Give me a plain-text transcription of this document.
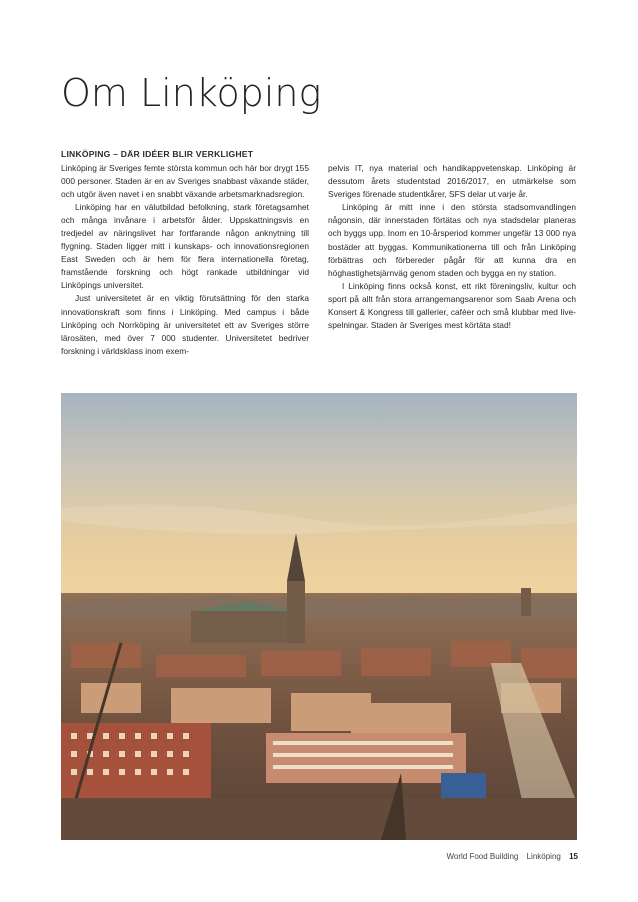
Om Linköping
LINKÖPING – DÄR IDÉER BLIR VERKLIGHET

Linköping är Sveriges femte största kommun och här bor drygt 155 000 personer. Staden är en av Sveriges snabbast växande städer, och utgör även navet i en snabbt växande arbetsmarknadsregion.

Linköping har en välutbildad befolkning, stark företagsamhet och många invånare i arbetsför ålder. Uppskattningsvis en tredjedel av näringslivet har fortfarande någon anknytning till flygning. Staden ligger mitt i kunskaps- och innovationsregionen East Sweden och är hem för flera internationella företag, framstående forskning och högt rankade utbildningar vid Linköpings universitet.

Just universitetet är en viktig förutsättning för den starka innovationskraft som finns i Linköping. Med campus i både Linköping och Norrköping är universitetet ett av Sveriges större lärosäten, med över 7 000 studenter. Universitetet bedriver forskning i världsklass inom exem-

pelvis IT, nya material och handikappvetenskap. Linköping är dessutom årets studentstad 2016/2017, en utmärkelse som Sveriges förenade studentkårer, SFS delar ut varje år.

Linköping är mitt inne i den största stadsomvandlingen någonsin, där innerstaden förtätas och nya stadsdelar planeras och byggs upp. Inom en 10-årsperiod kommer ungefär 13 000 nya bostäder att byggas. Kommunikationerna till och från Linköping förbättras och förbereder pågår för att kunna dra en höghastighetsjärnväg genom staden och bygga en ny station.

I Linköping finns också konst, ett rikt föreningsliv, kultur och sport på allt från stora arrangemangsarenor som Saab Arena och Konsert & Kongress till gallerier, caféer och små klubbar med live-spelningar. Staden är Sveriges mest körtäta stad!

World Food Building Linköping 15
